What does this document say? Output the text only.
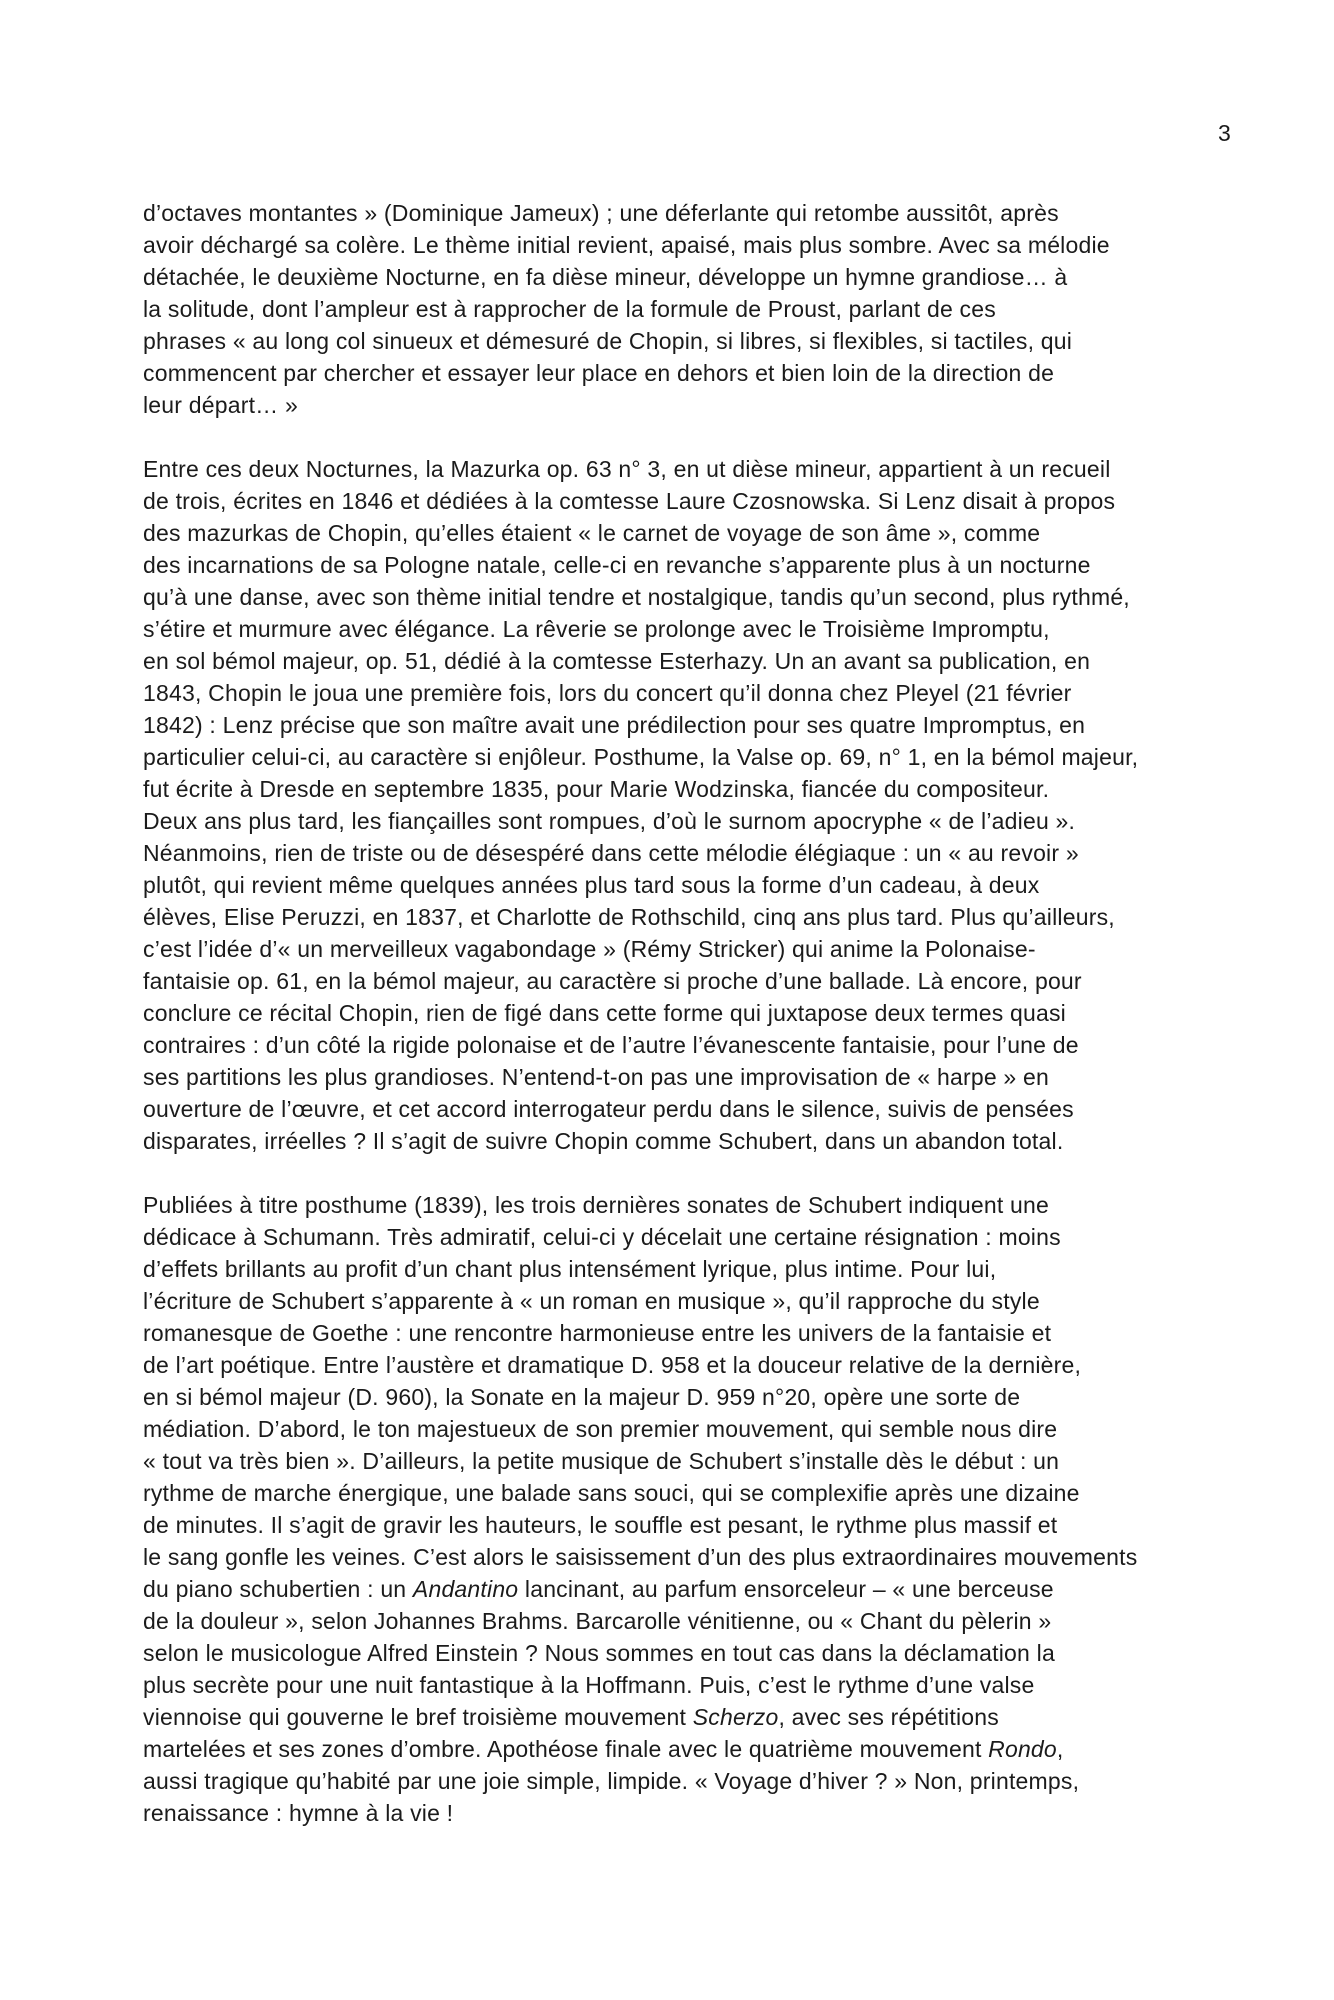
3
d’octaves montantes » (Dominique Jameux) ; une déferlante qui retombe aussitôt, après
avoir déchargé sa colère. Le thème initial revient, apaisé, mais plus sombre. Avec sa mélodie
détachée, le deuxième Nocturne, en fa dièse mineur, développe un hymne grandiose… à
la solitude, dont l’ampleur est à rapprocher de la formule de Proust, parlant de ces
phrases « au long col sinueux et démesuré de Chopin, si libres, si flexibles, si tactiles, qui
commencent par chercher et essayer leur place en dehors et bien loin de la direction de
leur départ… »
Entre ces deux Nocturnes, la Mazurka op. 63 n° 3, en ut dièse mineur, appartient à un recueil
de trois, écrites en 1846 et dédiées à la comtesse Laure Czosnowska. Si Lenz disait à propos
des mazurkas de Chopin, qu’elles étaient « le carnet de voyage de son âme », comme
des incarnations de sa Pologne natale, celle-ci en revanche s’apparente plus à un nocturne
qu’à une danse, avec son thème initial tendre et nostalgique, tandis qu’un second, plus rythmé,
s’étire et murmure avec élégance. La rêverie se prolonge avec le Troisième Impromptu,
en sol bémol majeur, op. 51, dédié à la comtesse Esterhazy. Un an avant sa publication, en
1843, Chopin le joua une première fois, lors du concert qu’il donna chez Pleyel (21 février
1842) : Lenz précise que son maître avait une prédilection pour ses quatre Impromptus, en
particulier celui-ci, au caractère si enjôleur. Posthume, la Valse op. 69, n° 1, en la bémol majeur,
fut écrite à Dresde en septembre 1835, pour Marie Wodzinska, fiancée du compositeur.
Deux ans plus tard, les fiançailles sont rompues, d’où le surnom apocryphe « de l’adieu ».
Néanmoins, rien de triste ou de désespéré dans cette mélodie élégiaque : un « au revoir »
plutôt, qui revient même quelques années plus tard sous la forme d’un cadeau, à deux
élèves, Elise Peruzzi, en 1837, et Charlotte de Rothschild, cinq ans plus tard. Plus qu’ailleurs,
c’est l’idée d’« un merveilleux vagabondage » (Rémy Stricker) qui anime la Polonaise-
fantaisie op. 61, en la bémol majeur, au caractère si proche d’une ballade. Là encore, pour
conclure ce récital Chopin, rien de figé dans cette forme qui juxtapose deux termes quasi
contraires : d’un côté la rigide polonaise et de l’autre l’évanescente fantaisie, pour l’une de
ses partitions les plus grandioses. N’entend-t-on pas une improvisation de « harpe » en
ouverture de l’œuvre, et cet accord interrogateur perdu dans le silence, suivis de pensées
disparates, irréelles ? Il s’agit de suivre Chopin comme Schubert, dans un abandon total.
Publiées à titre posthume (1839), les trois dernières sonates de Schubert indiquent une
dédicace à Schumann. Très admiratif, celui-ci y décelait une certaine résignation : moins
d’effets brillants au profit d’un chant plus intensément lyrique, plus intime. Pour lui,
l’écriture de Schubert s’apparente à « un roman en musique », qu’il rapproche du style
romanesque de Goethe : une rencontre harmonieuse entre les univers de la fantaisie et
de l’art poétique. Entre l’austère et dramatique D. 958 et la douceur relative de la dernière,
en si bémol majeur (D. 960), la Sonate en la majeur D. 959 n°20, opère une sorte de
médiation. D’abord, le ton majestueux de son premier mouvement, qui semble nous dire
« tout va très bien ». D’ailleurs, la petite musique de Schubert s’installe dès le début : un
rythme de marche énergique, une balade sans souci, qui se complexifie après une dizaine
de minutes. Il s’agit de gravir les hauteurs, le souffle est pesant, le rythme plus massif et
le sang gonfle les veines. C’est alors le saisissement d’un des plus extraordinaires mouvements
du piano schubertien : un Andantino lancinant, au parfum ensorceleur – « une berceuse
de la douleur », selon Johannes Brahms. Barcarolle vénitienne, ou « Chant du pèlerin »
selon le musicologue Alfred Einstein ? Nous sommes en tout cas dans la déclamation la
plus secrète pour une nuit fantastique à la Hoffmann. Puis, c’est le rythme d’une valse
viennoise qui gouverne le bref troisième mouvement Scherzo, avec ses répétitions
martelées et ses zones d’ombre. Apothéose finale avec le quatrième mouvement Rondo,
aussi tragique qu’habité par une joie simple, limpide. « Voyage d’hiver ? » Non, printemps,
renaissance : hymne à la vie !
